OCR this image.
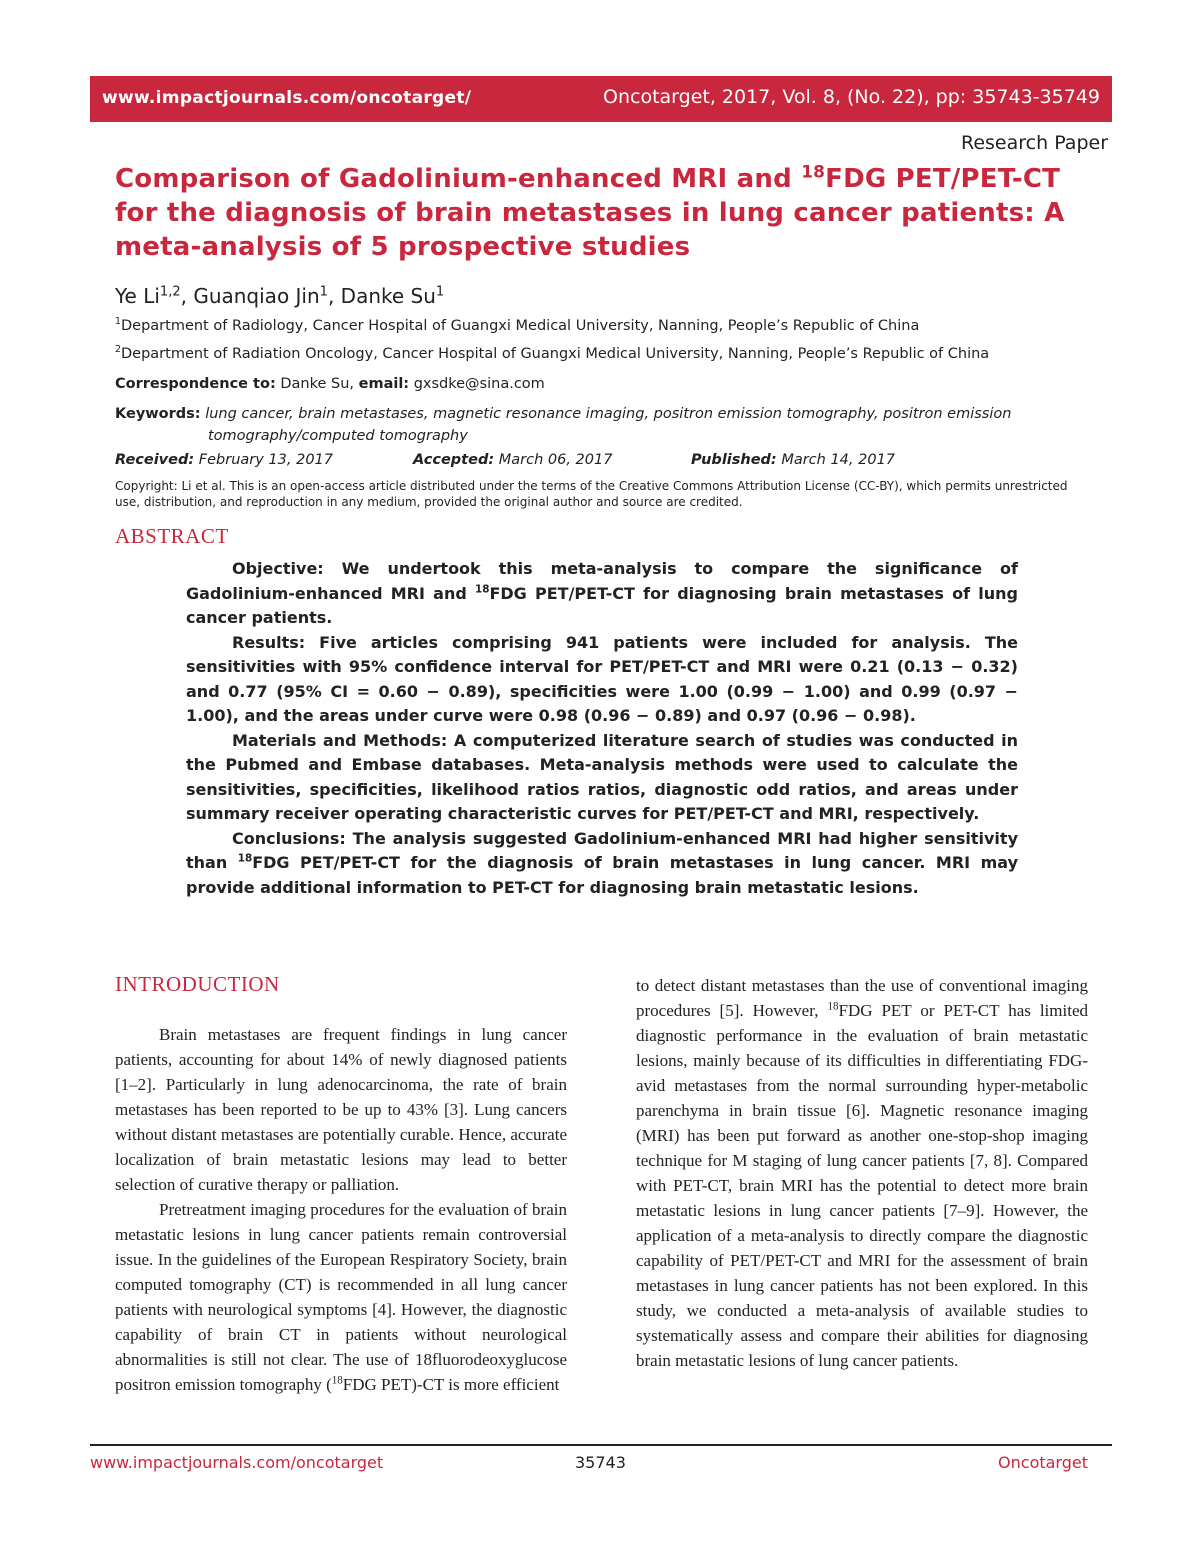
www.impactjournals.com/oncotarget/	Oncotarget, 2017, Vol. 8, (No. 22), pp: 35743-35749
Research Paper
Comparison of Gadolinium-enhanced MRI and $^{18}$FDG PET/PET-CT for the diagnosis of brain metastases in lung cancer patients: A meta-analysis of 5 prospective studies
Ye Li$^{1,2}$, Guanqiao Jin$^1$, Danke Su$^1$
$^1$Department of Radiology, Cancer Hospital of Guangxi Medical University, Nanning, People’s Republic of China
$^2$Department of Radiation Oncology, Cancer Hospital of Guangxi Medical University, Nanning, People’s Republic of China
Correspondence to: Danke Su, email: gxsdke@sina.com
Keywords: lung cancer, brain metastases, magnetic resonance imaging, positron emission tomography, positron emission
tomography/computed tomography
Received: February 13, 2017	Accepted: March 06, 2017	Published: March 14, 2017
Copyright: Li et al. This is an open-access article distributed under the terms of the Creative Commons Attribution License (CC-BY), which permits unrestricted use, distribution, and reproduction in any medium, provided the original author and source are credited.
ABSTRACT

Objective: We undertook this meta-analysis to compare the significance of Gadolinium-enhanced MRI and $^{18}$FDG PET/PET-CT for diagnosing brain metastases of lung cancer patients.

Results: Five articles comprising 941 patients were included for analysis. The sensitivities with 95% confidence interval for PET/PET-CT and MRI were 0.21 (0.13 − 0.32) and 0.77 (95% CI = 0.60 − 0.89), specificities were 1.00 (0.99 − 1.00) and 0.99 (0.97 − 1.00), and the areas under curve were 0.98 (0.96 − 0.89) and 0.97 (0.96 − 0.98).

Materials and Methods: A computerized literature search of studies was conducted in the Pubmed and Embase databases. Meta-analysis methods were used to calculate the sensitivities, specificities, likelihood ratios ratios, diagnostic odd ratios, and areas under summary receiver operating characteristic curves for PET/PET-CT and MRI, respectively.

Conclusions: The analysis suggested Gadolinium-enhanced MRI had higher sensitivity than $^{18}$FDG PET/PET-CT for the diagnosis of brain metastases in lung cancer. MRI may provide additional information to PET-CT for diagnosing brain metastatic lesions.

INTRODUCTION

Brain metastases are frequent findings in lung cancer patients, accounting for about 14% of newly diagnosed patients [1–2]. Particularly in lung adenocarcinoma, the rate of brain metastases has been reported to be up to 43% [3]. Lung cancers without distant metastases are potentially curable. Hence, accurate localization of brain metastatic lesions may lead to better selection of curative therapy or palliation.

Pretreatment imaging procedures for the evaluation of brain metastatic lesions in lung cancer patients remain controversial issue. In the guidelines of the European Respiratory Society, brain computed tomography (CT) is recommended in all lung cancer patients with neurological symptoms [4]. However, the diagnostic capability of brain CT in patients without neurological abnormalities is still not clear. The use of 18fluorodeoxyglucose positron emission tomography ($^{18}$FDG PET)-CT is more efficient

to detect distant metastases than the use of conventional imaging procedures [5]. However, $^{18}$FDG PET or PET-CT has limited diagnostic performance in the evaluation of brain metastatic lesions, mainly because of its difficulties in differentiating FDG-avid metastases from the normal surrounding hyper-metabolic parenchyma in brain tissue [6]. Magnetic resonance imaging (MRI) has been put forward as another one-stop-shop imaging technique for M staging of lung cancer patients [7, 8]. Compared with PET-CT, brain MRI has the potential to detect more brain metastatic lesions in lung cancer patients [7–9]. However, the application of a meta-analysis to directly compare the diagnostic capability of PET/PET-CT and MRI for the assessment of brain metastases in lung cancer patients has not been explored. In this study, we conducted a meta-analysis of available studies to systematically assess and compare their abilities for diagnosing brain metastatic lesions of lung cancer patients.

www.impactjournals.com/oncotarget	35743	Oncotarget
